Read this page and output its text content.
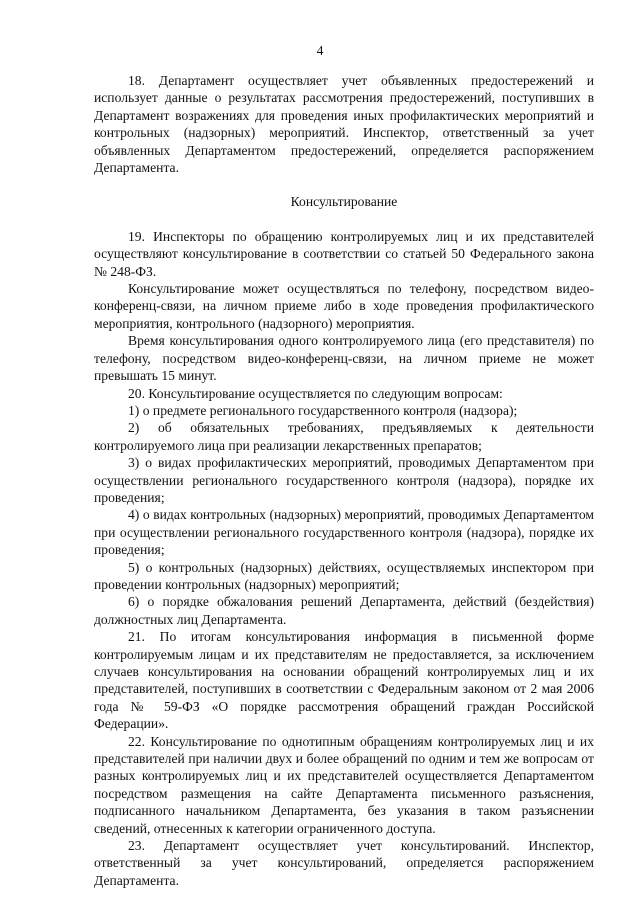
4

18. Департамент осуществляет учет объявленных предостережений и использует данные о результатах рассмотрения предостережений, поступивших в Департамент возражениях для проведения иных профилактических мероприятий и контрольных (надзорных) мероприятий. Инспектор, ответственный за учет объявленных Департаментом предостережений, определяется распоряжением Департамента.

Консультирование

19. Инспекторы по обращению контролируемых лиц и их представителей осуществляют консультирование в соответствии со статьей 50 Федерального закона № 248-ФЗ.

Консультирование может осуществляться по телефону, посредством видео-конференц-связи, на личном приеме либо в ходе проведения профилактического мероприятия, контрольного (надзорного) мероприятия.

Время консультирования одного контролируемого лица (его представителя) по телефону, посредством видео-конференц-связи, на личном приеме не может превышать 15 минут.

20. Консультирование осуществляется по следующим вопросам:

1) о предмете регионального государственного контроля (надзора);

2) об обязательных требованиях, предъявляемых к деятельности контролируемого лица при реализации лекарственных препаратов;

3) о видах профилактических мероприятий, проводимых Департаментом при осуществлении регионального государственного контроля (надзора), порядке их проведения;

4) о видах контрольных (надзорных) мероприятий, проводимых Департаментом при осуществлении регионального государственного контроля (надзора), порядке их проведения;

5) о контрольных (надзорных) действиях, осуществляемых инспектором при проведении контрольных (надзорных) мероприятий;

6) о порядке обжалования решений Департамента, действий (бездействия) должностных лиц Департамента.

21. По итогам консультирования информация в письменной форме контролируемым лицам и их представителям не предоставляется, за исключением случаев консультирования на основании обращений контролируемых лиц и их представителей, поступивших в соответствии с Федеральным законом от 2 мая 2006 года № 59-ФЗ «О порядке рассмотрения обращений граждан Российской Федерации».

22. Консультирование по однотипным обращениям контролируемых лиц и их представителей при наличии двух и более обращений по одним и тем же вопросам от разных контролируемых лиц и их представителей осуществляется Департаментом посредством размещения на сайте Департамента письменного разъяснения, подписанного начальником Департамента, без указания в таком разъяснении сведений, отнесенных к категории ограниченного доступа.

23. Департамент осуществляет учет консультирований. Инспектор, ответственный за учет консультирований, определяется распоряжением Департамента.
